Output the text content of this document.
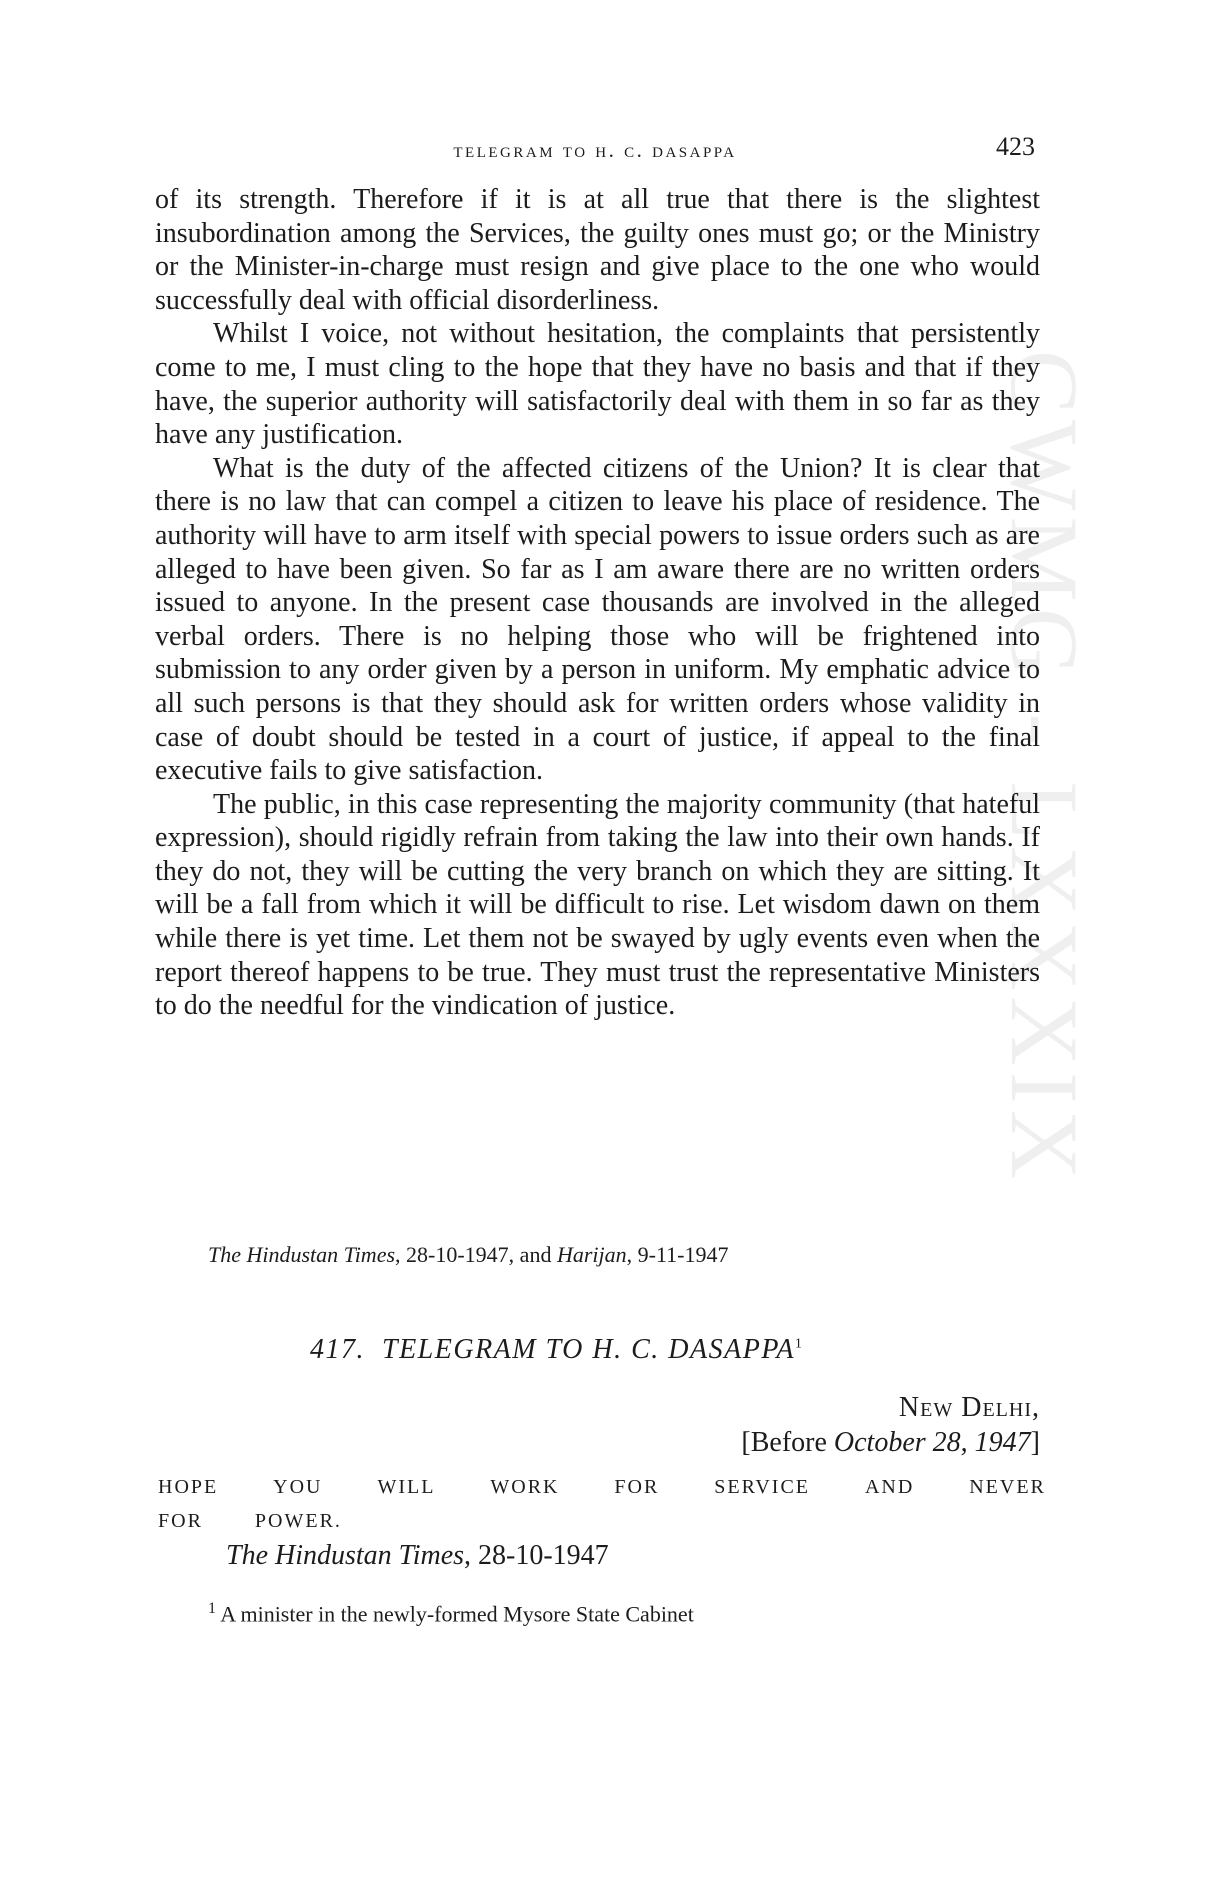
CWMG - LXXXIX
telegram to h. c. dasappa	423

of its strength. Therefore if it is at all true that there is the slightest insubordination among the Services, the guilty ones must go; or the Ministry or the Minister-in-charge must resign and give place to the one who would successfully deal with official disorderliness.

Whilst I voice, not without hesitation, the complaints that persistently come to me, I must cling to the hope that they have no basis and that if they have, the superior authority will satisfactorily deal with them in so far as they have any justification.

What is the duty of the affected citizens of the Union? It is clear that there is no law that can compel a citizen to leave his place of residence. The authority will have to arm itself with special powers to issue orders such as are alleged to have been given. So far as I am aware there are no written orders issued to anyone. In the present case thousands are involved in the alleged verbal orders. There is no helping those who will be frightened into submission to any order given by a person in uniform. My emphatic advice to all such persons is that they should ask for written orders whose validity in case of doubt should be tested in a court of justice, if appeal to the final executive fails to give satisfaction.

The public, in this case representing the majority community (that hateful expression), should rigidly refrain from taking the law into their own hands. If they do not, they will be cutting the very branch on which they are sitting. It will be a fall from which it will be difficult to rise. Let wisdom dawn on them while there is yet time. Let them not be swayed by ugly events even when the report thereof happens to be true. They must trust the representative Ministers to do the needful for the vindication of justice.

The Hindustan Times, 28-10-1947, and Harijan, 9-11-1947
417. TELEGRAM TO H. C. DASAPPA$^1$
New Delhi,
[Before October 28, 1947]
HOPE	YOU	WILL	WORK	FOR	SERVICE	AND	NEVER
FOR	POWER.
The Hindustan Times, 28-10-1947
$^1$ A minister in the newly-formed Mysore State Cabinet
